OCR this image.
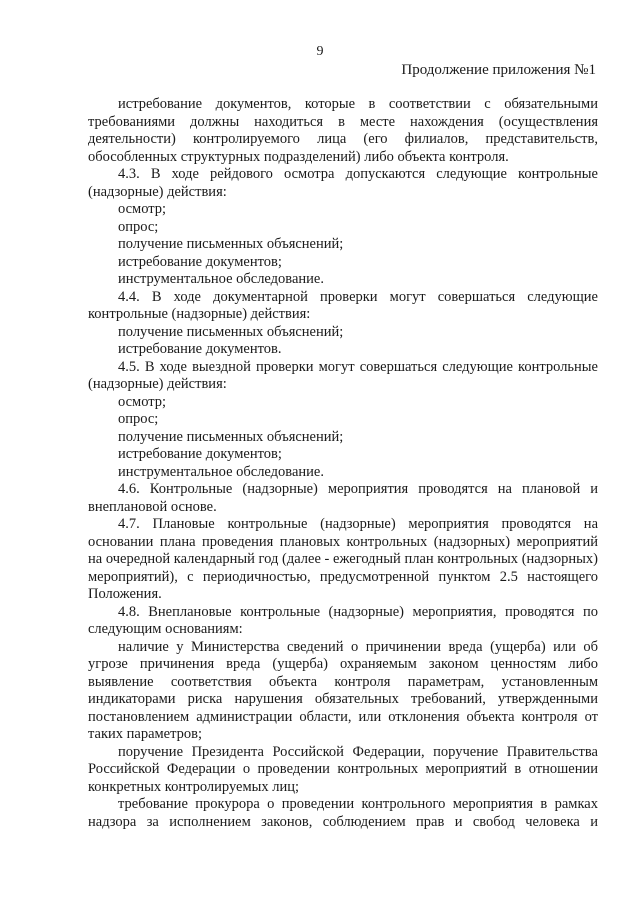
9
Продолжение приложения №1

истребование документов, которые в соответствии с обязательными требованиями должны находиться в месте нахождения (осуществления деятельности) контролируемого лица (его филиалов, представительств, обособленных структурных подразделений) либо объекта контроля.

4.3. В ходе рейдового осмотра допускаются следующие контрольные (надзорные) действия:

осмотр;

опрос;

получение письменных объяснений;

истребование документов;

инструментальное обследование.

4.4. В ходе документарной проверки могут совершаться следующие контрольные (надзорные) действия:

получение письменных объяснений;

истребование документов.

4.5. В ходе выездной проверки могут совершаться следующие контрольные (надзорные) действия:

осмотр;

опрос;

получение письменных объяснений;

истребование документов;

инструментальное обследование.

4.6. Контрольные (надзорные) мероприятия проводятся на плановой и внеплановой основе.

4.7. Плановые контрольные (надзорные) мероприятия проводятся на основании плана проведения плановых контрольных (надзорных) мероприятий на очередной календарный год (далее - ежегодный план контрольных (надзорных) мероприятий), с периодичностью, предусмотренной пунктом 2.5 настоящего Положения.

4.8. Внеплановые контрольные (надзорные) мероприятия, проводятся по следующим основаниям:

наличие у Министерства сведений о причинении вреда (ущерба) или об угрозе причинения вреда (ущерба) охраняемым законом ценностям либо выявление соответствия объекта контроля параметрам, установленным индикаторами риска нарушения обязательных требований, утвержденными постановлением администрации области, или отклонения объекта контроля от таких параметров;

поручение Президента Российской Федерации, поручение Правительства Российской Федерации о проведении контрольных мероприятий в отношении конкретных контролируемых лиц;

требование прокурора о проведении контрольного мероприятия в рамках надзора за исполнением законов, соблюдением прав и свобод человека и
